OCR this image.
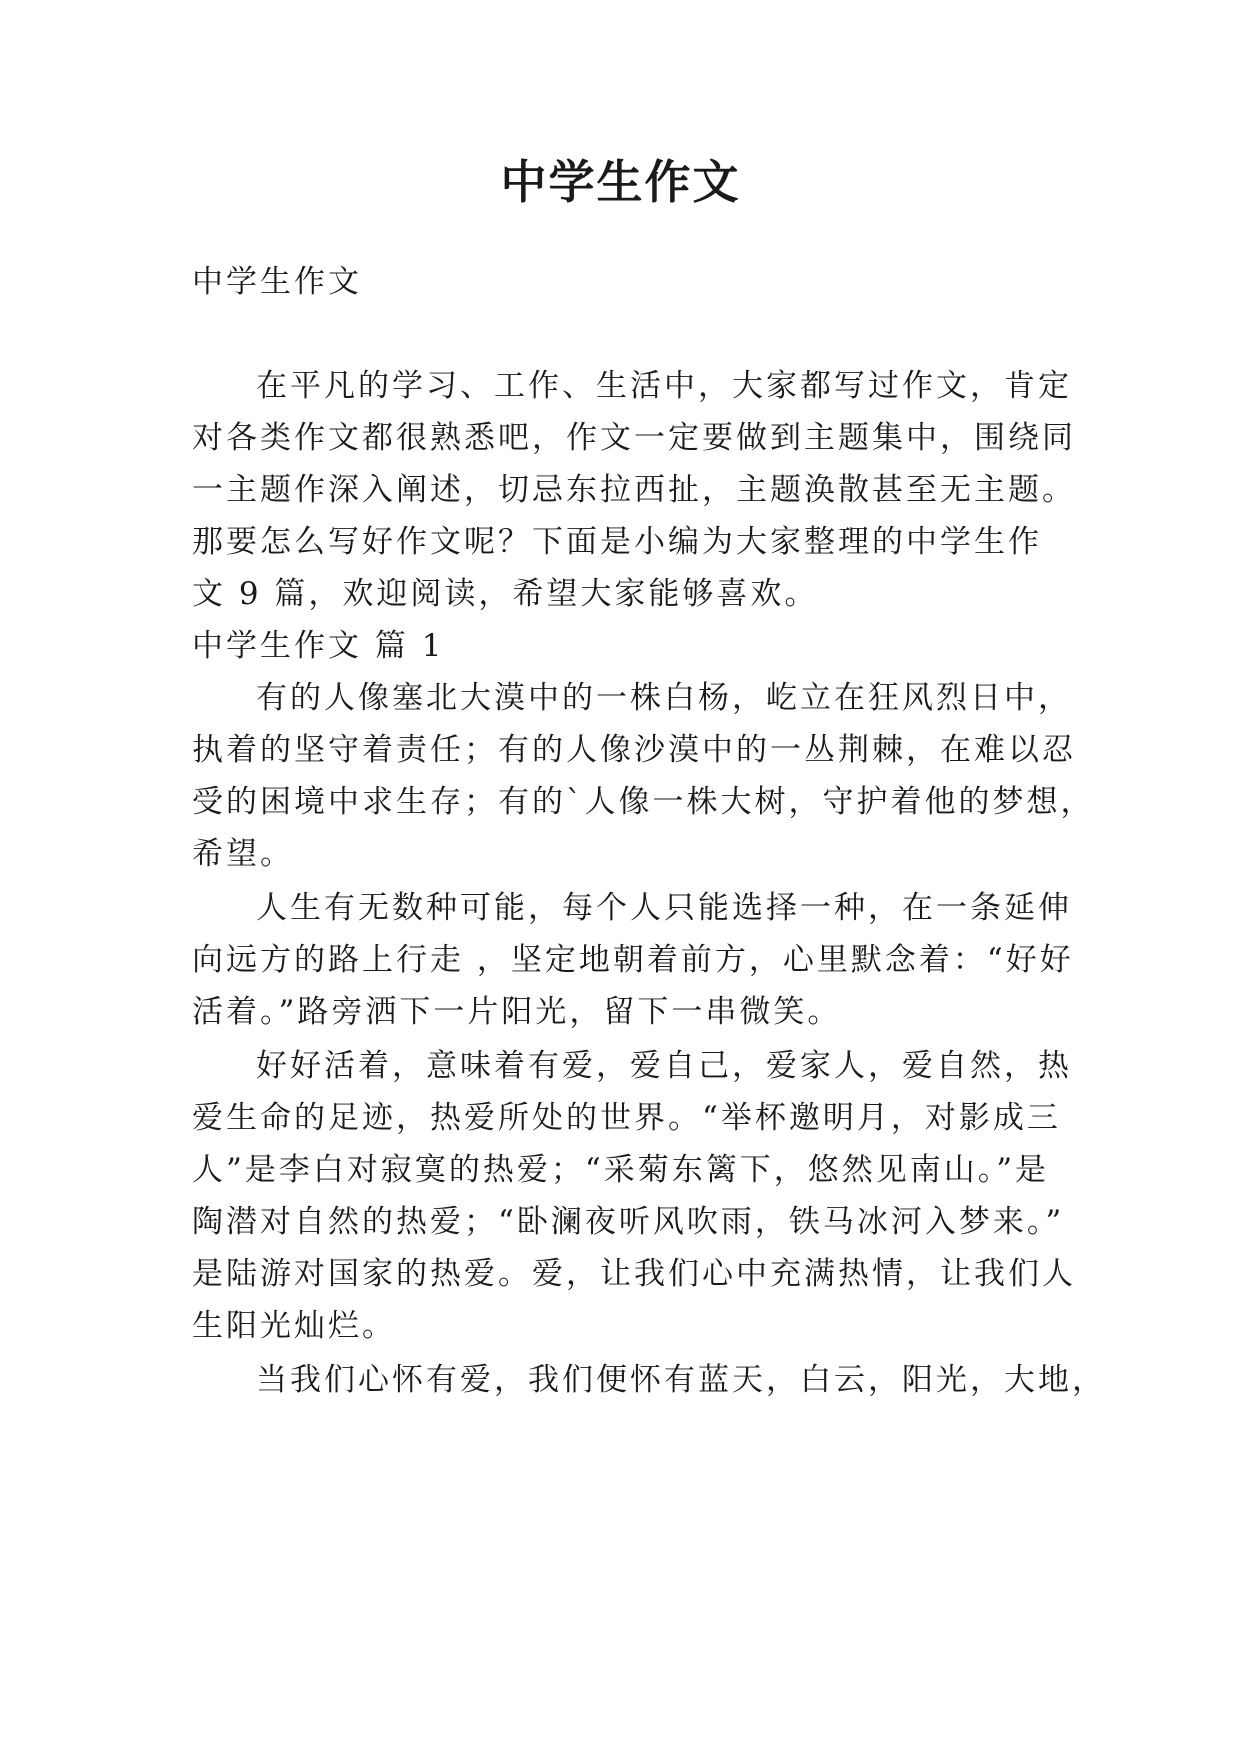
中学生作文
中学生作文
在平凡的学习、工作、生活中，大家都写过作文，肯定
对各类作文都很熟悉吧，作文一定要做到主题集中，围绕同
一主题作深入阐述，切忌东拉西扯，主题涣散甚至无主题。
那要怎么写好作文呢？下面是小编为大家整理的中学生作
文 9 篇，欢迎阅读，希望大家能够喜欢。
中学生作文 篇 1
有的人像塞北大漠中的一株白杨，屹立在狂风烈日中，
执着的坚守着责任；有的人像沙漠中的一丛荆棘，在难以忍
受的困境中求生存；有的`人像一株大树，守护着他的梦想，
希望。
人生有无数种可能，每个人只能选择一种，在一条延伸
向远方的路上行走 ，坚定地朝着前方，心里默念着：“好好
活着。”路旁洒下一片阳光，留下一串微笑。
好好活着，意味着有爱，爱自己，爱家人，爱自然，热
爱生命的足迹，热爱所处的世界。“举杯邀明月，对影成三
人”是李白对寂寞的热爱；“采菊东篱下，悠然见南山。”是
陶潜对自然的热爱；“卧澜夜听风吹雨，铁马冰河入梦来。”
是陆游对国家的热爱。爱，让我们心中充满热情，让我们人
生阳光灿烂。
当我们心怀有爱，我们便怀有蓝天，白云，阳光，大地，
